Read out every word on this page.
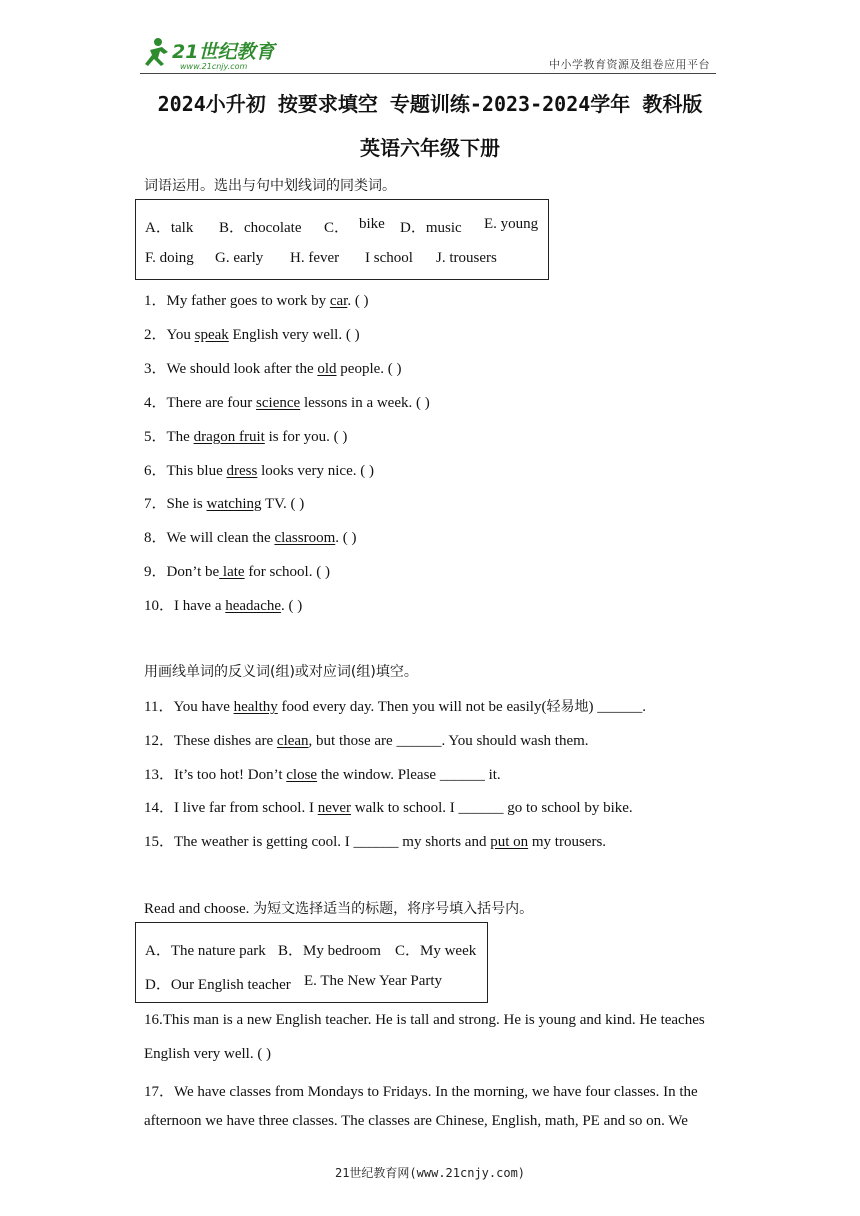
21世纪教育
www.21cnjy.com	中小学教育资源及组卷应用平台
2024小升初 按要求填空 专题训练-2023-2024学年 教科版
英语六年级下册
词语运用。选出与句中划线词的同类词。
A．talk B．chocolate C． bike D．music E. young
F. doing G. early H. fever I school J. trousers
1．My father goes to work by car. ( )
2．You speak English very well. ( )
3．We should look after the old people. ( )
4．There are four science lessons in a week. ( )
5．The dragon fruit is for you. ( )
6．This blue dress looks very nice. ( )
7．She is watching TV. ( )
8．We will clean the classroom. ( )
9．Don’t be late for school. ( )
10．I have a headache. ( )
用画线单词的反义词(组)或对应词(组)填空。
11．You have healthy food every day. Then you will not be easily(轻易地) ______.
12．These dishes are clean, but those are ______. You should wash them.
13．It’s too hot! Don’t close the window. Please ______ it.
14．I live far from school. I never walk to school. I ______ go to school by bike.
15．The weather is getting cool. I ______ my shorts and put on my trousers.
Read and choose. 为短文选择适当的标题，将序号填入括号内。
A．The nature park B．My bedroom C．My week
D．Our English teacher E. The New Year Party
16.This man is a new English teacher. He is tall and strong. He is young and kind. He teaches
English very well. ( )
17．We have classes from Mondays to Fridays. In the morning, we have four classes. In the
afternoon we have three classes. The classes are Chinese, English, math, PE and so on. We
21世纪教育网(www.21cnjy.com)
